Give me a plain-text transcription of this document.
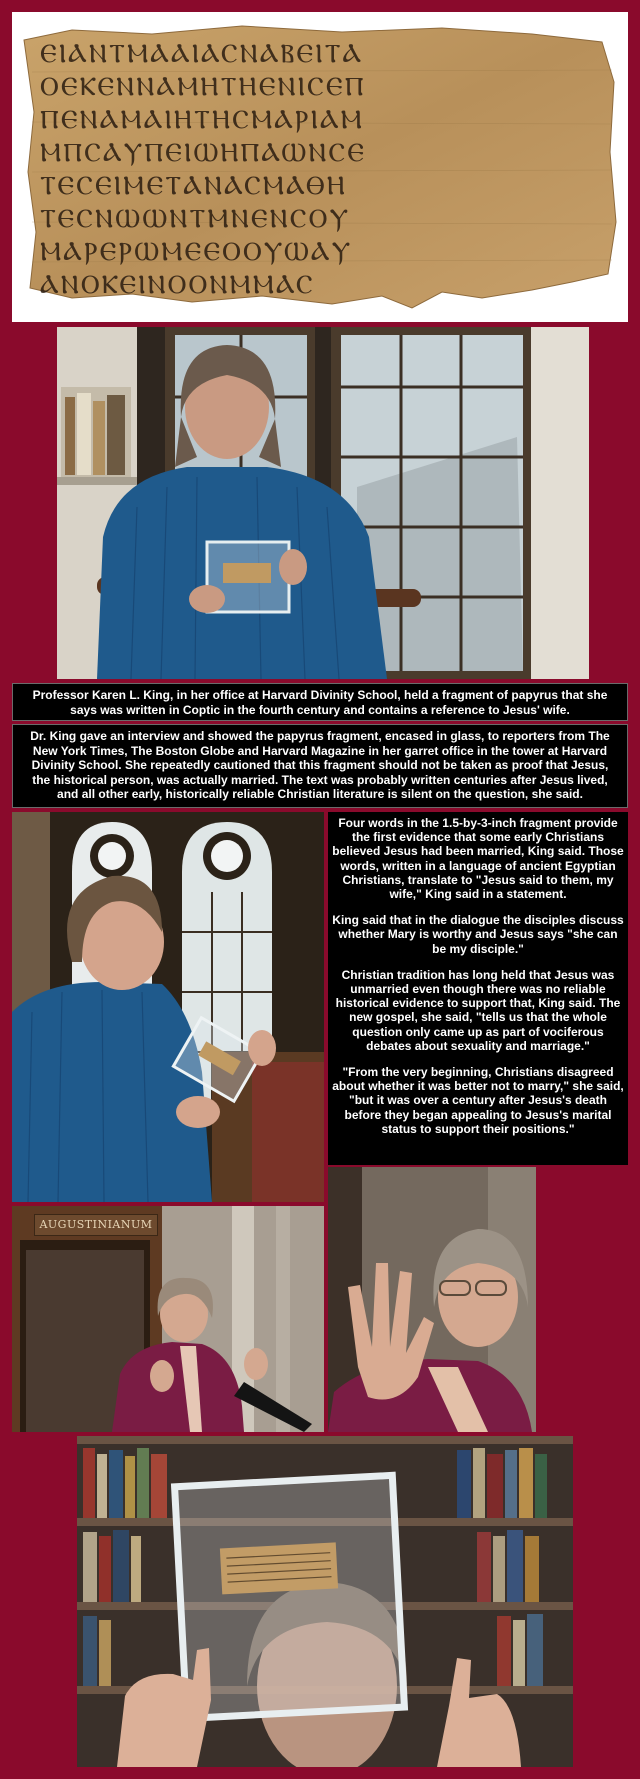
ⲈⲒⲀⲚⲦⲘⲀⲀⲒⲀⲤⲚⲀⲂⲈⲒⲦⲀ
ⲞⲈⲔⲈⲚⲚⲀⲘⲎⲦⲎⲈⲚⲒⲤⲈⲠ
ⲠⲈⲚⲀⲘⲀⲒⲎⲦⲎⲤⲘⲀⲢⲒⲀⲘ
ⲘⲠⲤⲀⲨⲠⲈⲒⲰⲎⲠⲀⲰⲚⲤⲈ
ⲦⲈⲤⲈⲒⲘⲈⲦⲀⲚⲀⲤⲘⲀⲐⲎ
ⲦⲈⲤⲚⲰⲰⲚⲦⲘⲚⲈⲚⲤⲞⲨ
ⲘⲀⲢⲈⲢⲰⲘⲈⲈⲞⲞⲨⲰⲀⲨ
ⲀⲚⲞⲔⲈⲒⲚⲞⲞⲚⲘⲘⲀⲤ
Professor Karen L. King, in her office at Harvard Divinity School, held a fragment of papyrus that she says was written in Coptic in the fourth century and contains a reference to Jesus' wife.
Dr. King gave an interview and showed the papyrus fragment, encased in glass, to reporters from The New York Times, The Boston Globe and Harvard Magazine in her garret office in the tower at Harvard Divinity School. She repeatedly cautioned that this fragment should not be taken as proof that Jesus, the historical person, was actually married. The text was probably written centuries after Jesus lived, and all other early, historically reliable Christian literature is silent on the question, she said.

Four words in the 1.5-by-3-inch fragment provide the first evidence that some early Christians believed Jesus had been married, King said. Those words, written in a language of ancient Egyptian Christians, translate to "Jesus said to them, my wife," King said in a statement.

King said that in the dialogue the disciples discuss whether Mary is worthy and Jesus says "she can be my disciple."

Christian tradition has long held that Jesus was unmarried even though there was no reliable historical evidence to support that, King said. The new gospel, she said, "tells us that the whole question only came up as part of vociferous debates about sexuality and marriage."

"From the very beginning, Christians disagreed about whether it was better not to marry," she said, "but it was over a century after Jesus's death before they began appealing to Jesus's marital status to support their positions."

AUGUSTINIANUM
